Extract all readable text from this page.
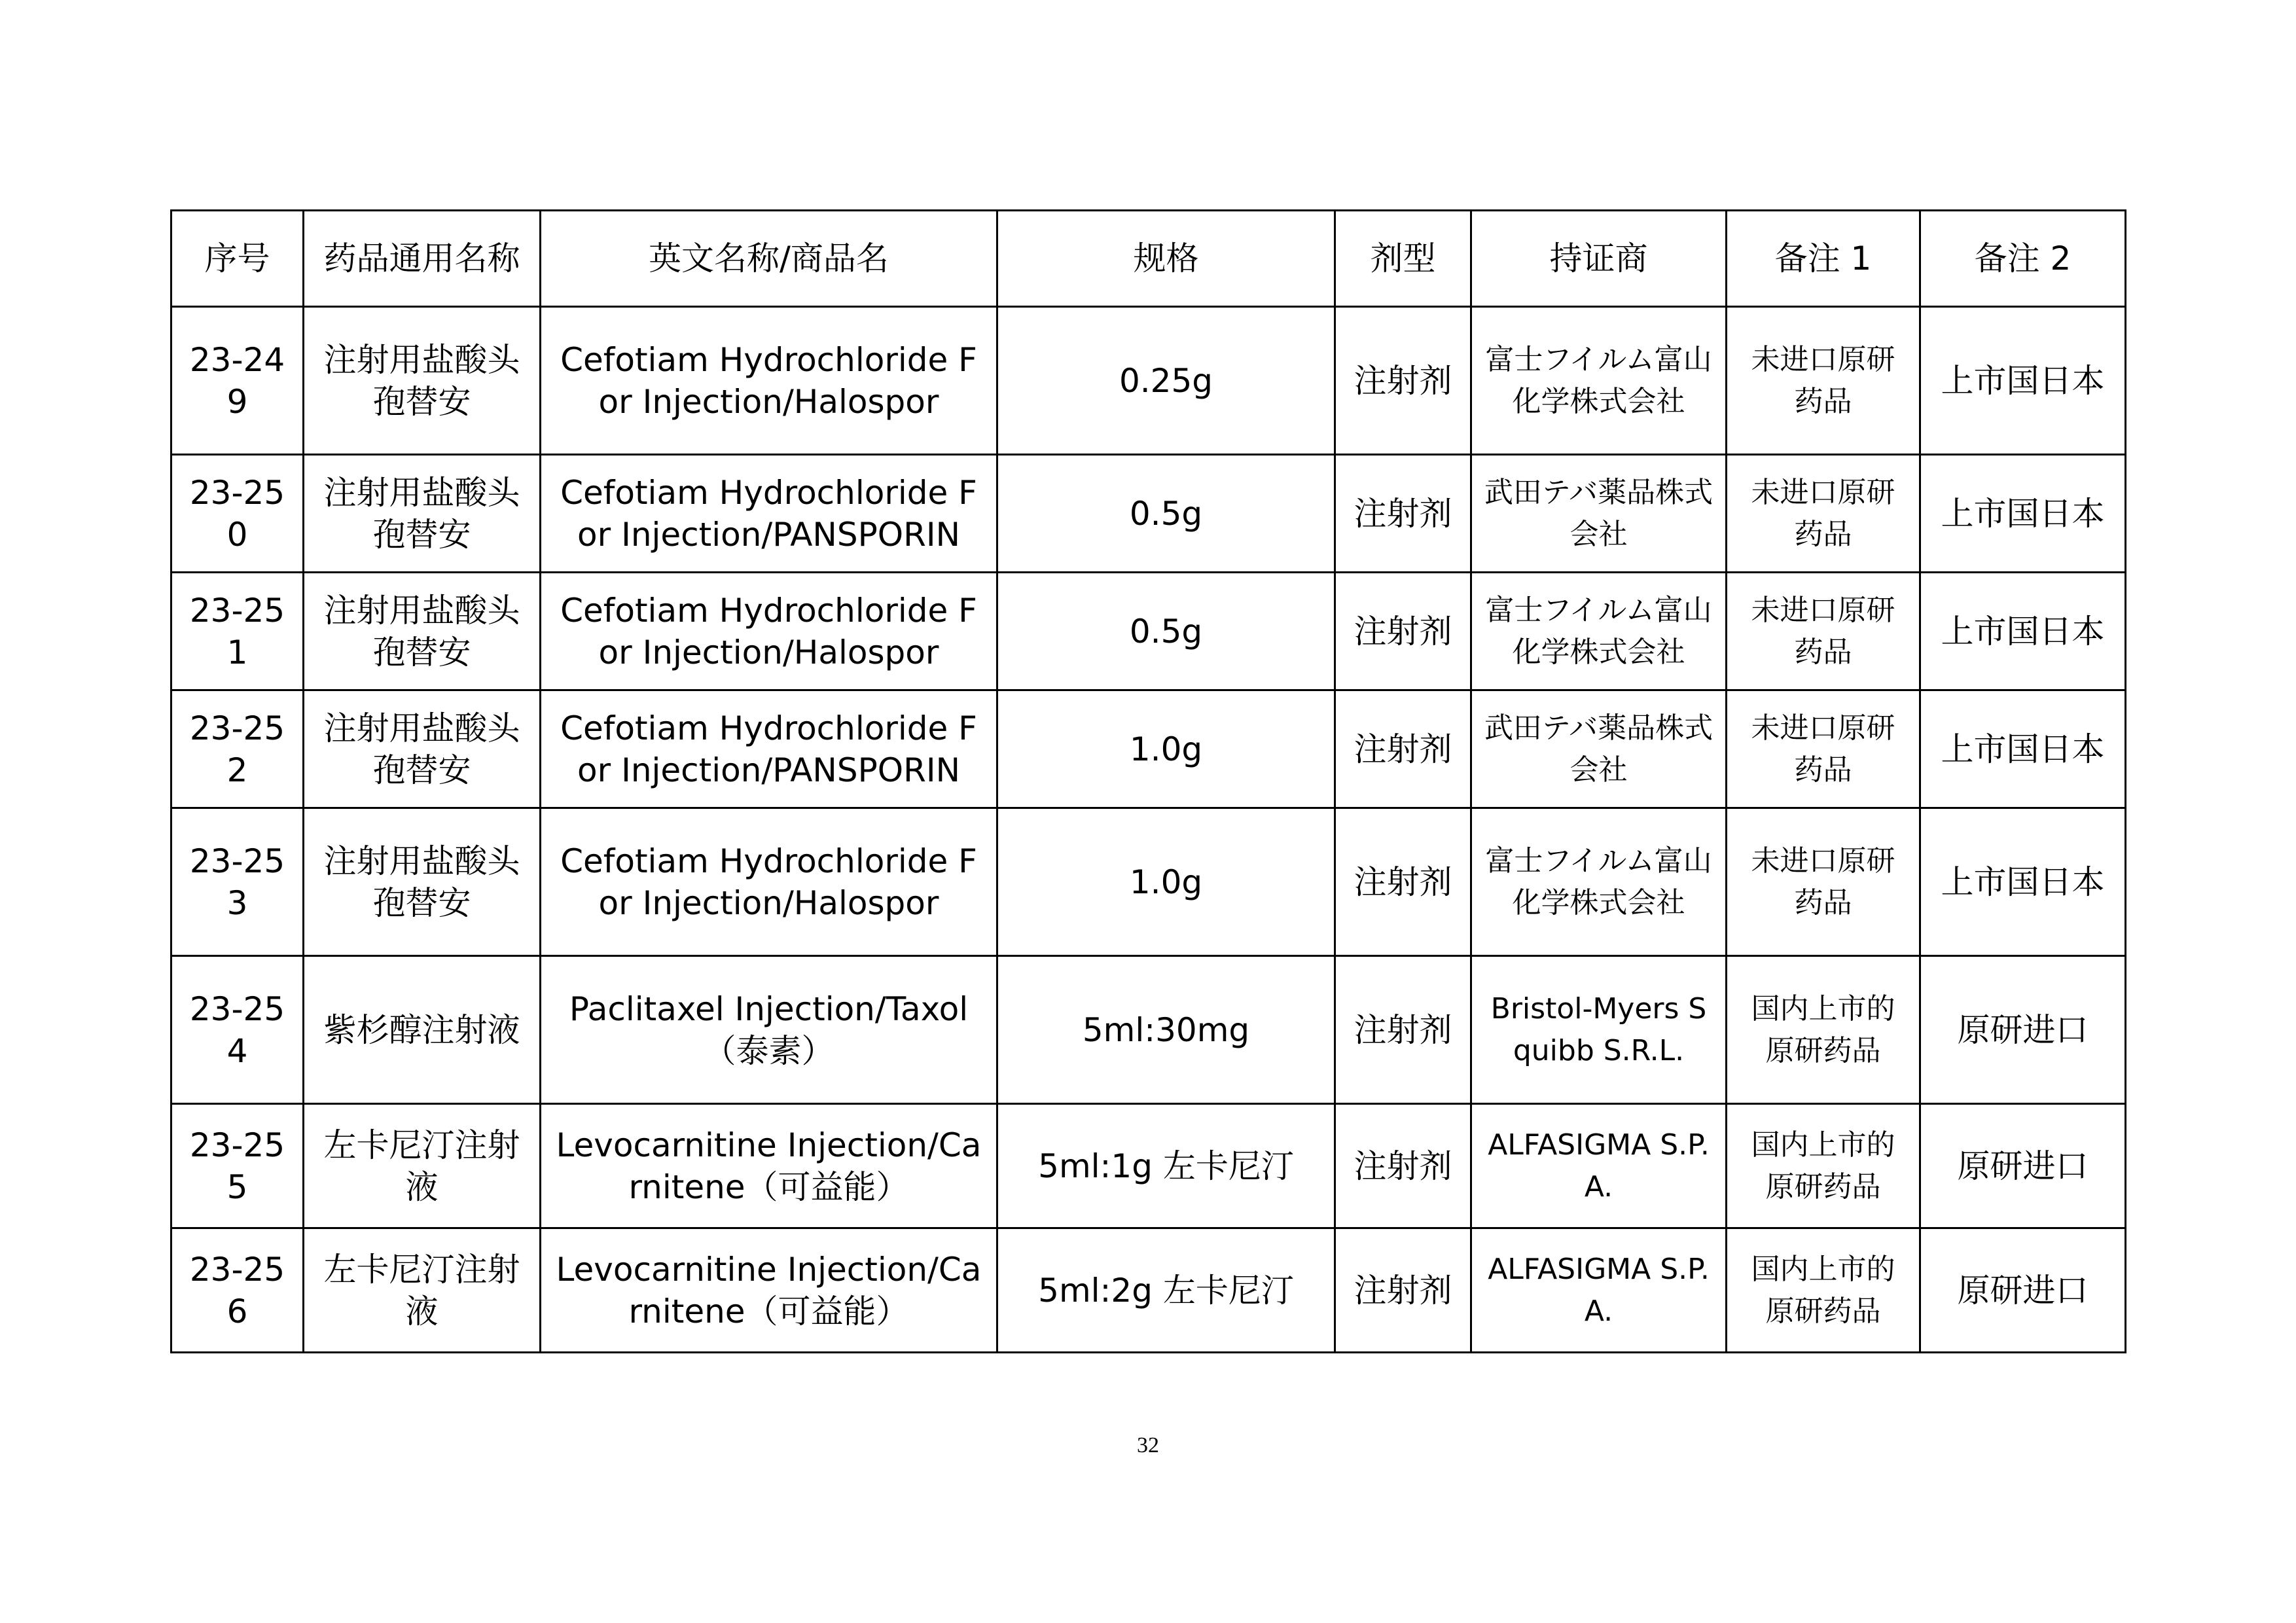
序号	药品通用名称	英文名称/商品名	规格	剂型	持证商	备注 1	备注 2
23-249	注射用盐酸头孢替安	Cefotiam Hydrochloride For Injection/Halospor	0.25g	注射剂	富士フイルム富山化学株式会社	未进口原研药品	上市国日本
23-250	注射用盐酸头孢替安	Cefotiam Hydrochloride For Injection/PANSPORIN	0.5g	注射剂	武田テバ薬品株式会社	未进口原研药品	上市国日本
23-251	注射用盐酸头孢替安	Cefotiam Hydrochloride For Injection/Halospor	0.5g	注射剂	富士フイルム富山化学株式会社	未进口原研药品	上市国日本
23-252	注射用盐酸头孢替安	Cefotiam Hydrochloride For Injection/PANSPORIN	1.0g	注射剂	武田テバ薬品株式会社	未进口原研药品	上市国日本
23-253	注射用盐酸头孢替安	Cefotiam Hydrochloride For Injection/Halospor	1.0g	注射剂	富士フイルム富山化学株式会社	未进口原研药品	上市国日本
23-254	紫杉醇注射液	Paclitaxel Injection/Taxol（泰素）	5ml:30mg	注射剂	Bristol-Myers Squibb S.R.L.	国内上市的原研药品	原研进口
23-255	左卡尼汀注射液	Levocarnitine Injection/Carnitene（可益能）	5ml:1g 左卡尼汀	注射剂	ALFASIGMA S.P.A.	国内上市的原研药品	原研进口
23-256	左卡尼汀注射液	Levocarnitine Injection/Carnitene（可益能）	5ml:2g 左卡尼汀	注射剂	ALFASIGMA S.P.A.	国内上市的原研药品	原研进口
32
